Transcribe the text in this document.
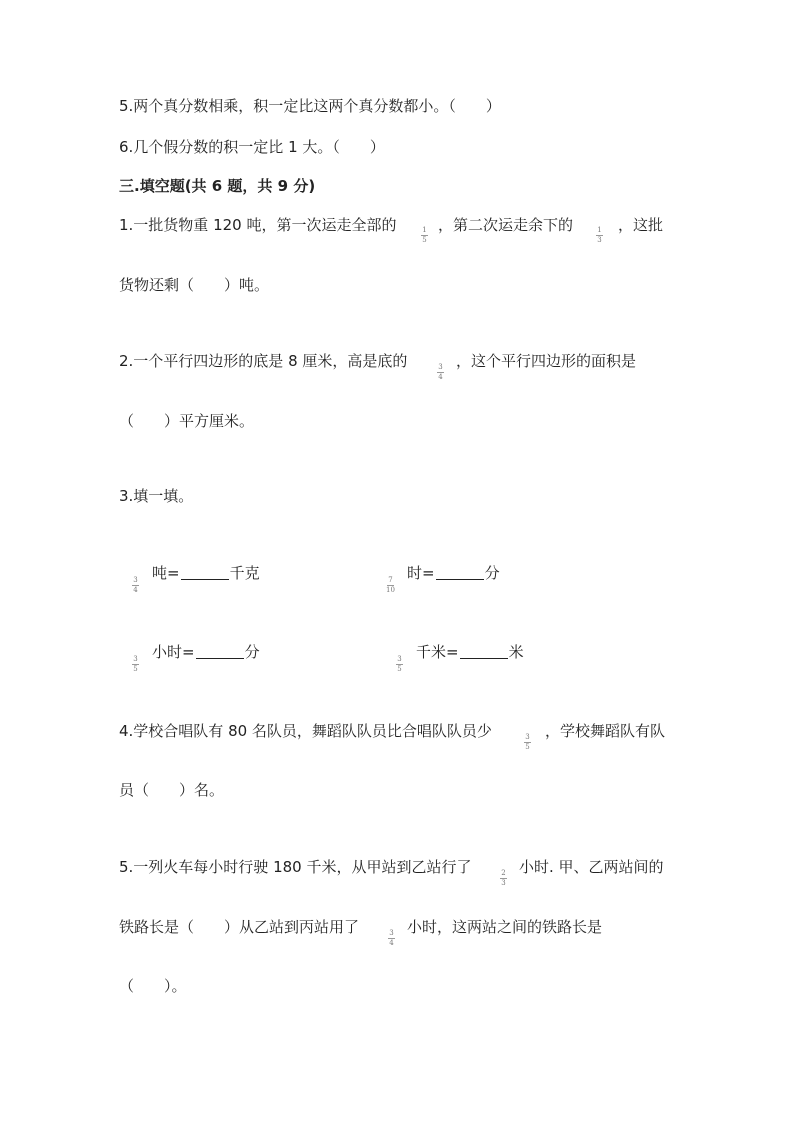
5.两个真分数相乘，积一定比这两个真分数都小。（　　）
6.几个假分数的积一定比 1 大。（　　）
三.填空题(共 6 题，共 9 分)
1.一批货物重 120 吨，第一次运走全部的	1
5
，第二次运走余下的	1
3
，这批
货物还剩（　　）吨。
2.一个平行四边形的底是 8 厘米，高是底的	3
4
，这个平行四边形的面积是
（　　）平方厘米。
3.填一填。
3
4
吨=	千克	7
10
时=	分
3
5
小时=	分	3
5
千米=	米
4.学校合唱队有 80 名队员，舞蹈队队员比合唱队队员少	3
5
，学校舞蹈队有队
员（　　）名。
5.一列火车每小时行驶 180 千米，从甲站到乙站行了	2
3
小时. 甲、乙两站间的
铁路长是（　　）从乙站到丙站用了	3
4
小时，这两站之间的铁路长是
（　　）。
